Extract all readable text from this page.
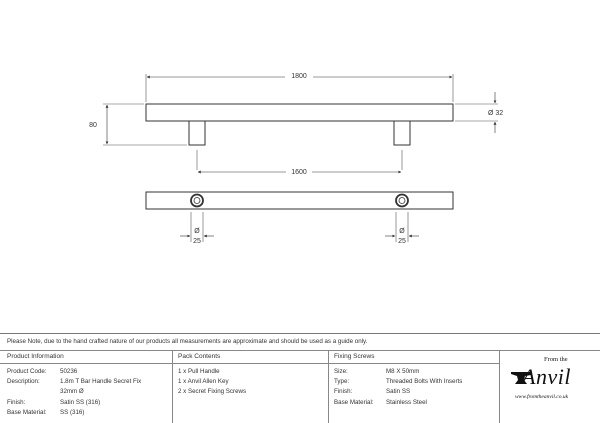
1800
80
Ø 32
1600
Ø
25
Ø
25
Please Note, due to the hand crafted nature of our products all measurements are approximate and should be used as a guide only.
Product Information
Product Code: 50236
Description:	1.8m T Bar Handle Secret Fix
32mm Ø
Finish:	Satin SS (316)
Base Material: SS (316)
Pack Contents
1 x Pull Handle
1 x Anvil Allen Key
2 x Secret Fixing Screws
Fixing Screws
Size:	M8 X 50mm
Type:	Threaded Bolts With Inserts
Finish:	Satin SS
Base Material: Stainless Steel
From the
Anvil
www.fromtheanvil.co.uk
